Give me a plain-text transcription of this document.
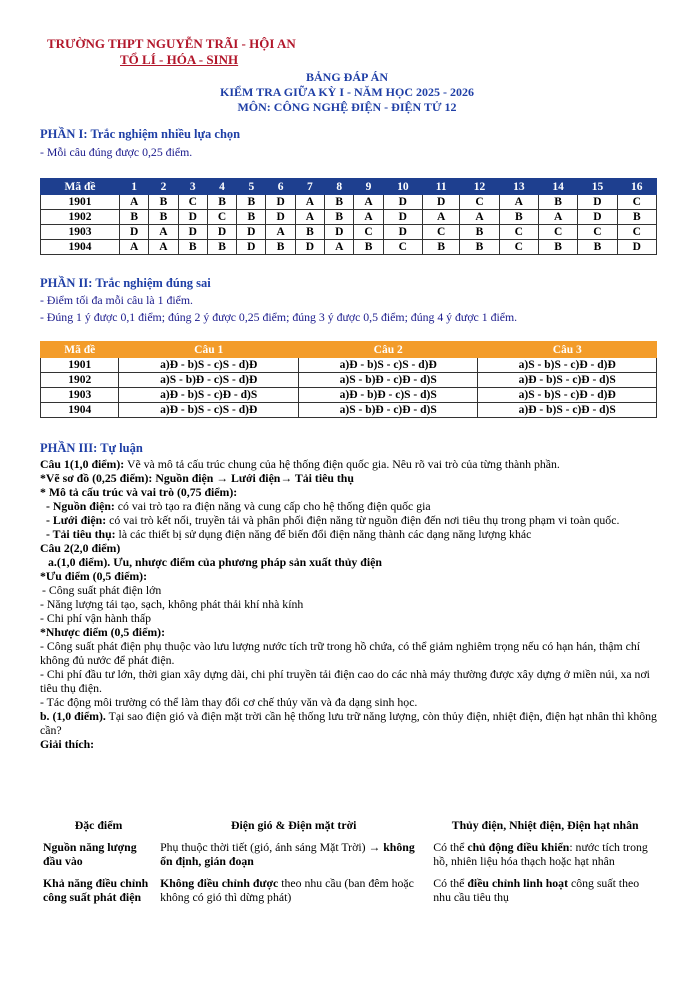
TRƯỜNG THPT NGUYỄN TRÃI - HỘI AN
TỔ LÍ - HÓA - SINH
BẢNG ĐÁP ÁN
KIỂM TRA GIỮA KỲ I - NĂM HỌC 2025 - 2026
MÔN: CÔNG NGHỆ ĐIỆN - ĐIỆN TỬ 12
PHẦN I: Trắc nghiệm nhiều lựa chọn
- Mỗi câu đúng được 0,25 điểm.
Mã đề	1	2	3	4	5	6	7	8	9	10	11	12	13	14	15	16
1901	A	B	C	B	B	D	A	B	A	D	D	C	A	B	D	C
1902	B	B	D	C	B	D	A	B	A	D	A	A	B	A	D	B
1903	D	A	D	D	D	A	B	D	C	D	C	B	C	C	C	C
1904	A	A	B	B	D	B	D	A	B	C	B	B	C	B	B	D
PHẦN II: Trắc nghiệm đúng sai
- Điểm tối đa mỗi câu là 1 điểm.
- Đúng 1 ý được 0,1 điểm; đúng 2 ý được 0,25 điểm; đúng 3 ý được 0,5 điểm; đúng 4 ý được 1 điểm.
Mã đề	Câu 1	Câu 2	Câu 3
1901	a)Đ - b)S - c)S - d)Đ	a)Đ - b)S - c)S - d)Đ	a)S - b)S - c)Đ - d)Đ
1902	a)S - b)Đ - c)S - d)Đ	a)S - b)Đ - c)Đ - d)S	a)Đ - b)S - c)Đ - d)S
1903	a)Đ - b)S - c)Đ - d)S	a)Đ - b)Đ - c)S - d)S	a)S - b)S - c)Đ - d)Đ
1904	a)Đ - b)S - c)S - d)Đ	a)S - b)Đ - c)Đ - d)S	a)Đ - b)S - c)Đ - d)S
PHẦN III: Tự luận

Câu 1(1,0 điểm): Vẽ và mô tả cấu trúc chung của hệ thống điện quốc gia. Nêu rõ vai trò của từng thành phần.

*Vẽ sơ đồ (0,25 điểm): Nguồn điện → Lưới điện→ Tải tiêu thụ

* Mô tả cấu trúc và vai trò (0,75 điểm):

- Nguồn điện: có vai trò tạo ra điện năng và cung cấp cho hệ thống điện quốc gia

- Lưới điện: có vai trò kết nối, truyền tải và phân phối điện năng từ nguồn điện đến nơi tiêu thụ trong phạm vi toàn quốc.

- Tải tiêu thụ: là các thiết bị sử dụng điện năng để biến đổi điện năng thành các dạng năng lượng khác

Câu 2(2,0 điểm)

a.(1,0 điểm). Ưu, nhược điểm của phương pháp sản xuất thủy điện

*Ưu điểm (0,5 điểm):

- Công suất phát điện lớn

- Năng lượng tái tạo, sạch, không phát thải khí nhà kính

- Chi phí vận hành thấp

*Nhược điểm (0,5 điểm):

- Công suất phát điện phụ thuộc vào lưu lượng nước tích trữ trong hồ chứa, có thể giảm nghiêm trọng nếu có hạn hán, thậm chí không đủ nước để phát điện.

- Chi phí đầu tư lớn, thời gian xây dựng dài, chi phí truyền tải điện cao do các nhà máy thường được xây dựng ở miền núi, xa nơi tiêu thụ điện.

- Tác động môi trường có thể làm thay đổi cơ chế thủy văn và đa dạng sinh học.

b. (1,0 điểm). Tại sao điện gió và điện mặt trời cần hệ thống lưu trữ năng lượng, còn thủy điện, nhiệt điện, điện hạt nhân thì không cần?

Giải thích:

Đặc điểm	Điện gió & Điện mặt trời	Thủy điện, Nhiệt điện, Điện hạt nhân
Nguồn năng lượng đầu vào	Phụ thuộc thời tiết (gió, ánh sáng Mặt Trời) → không ổn định, gián đoạn	Có thể chủ động điều khiển: nước tích trong hồ, nhiên liệu hóa thạch hoặc hạt nhân
Khả năng điều chỉnh công suất phát điện	Không điều chỉnh được theo nhu cầu (ban đêm hoặc không có gió thì dừng phát)	Có thể điều chỉnh linh hoạt công suất theo nhu cầu tiêu thụ
